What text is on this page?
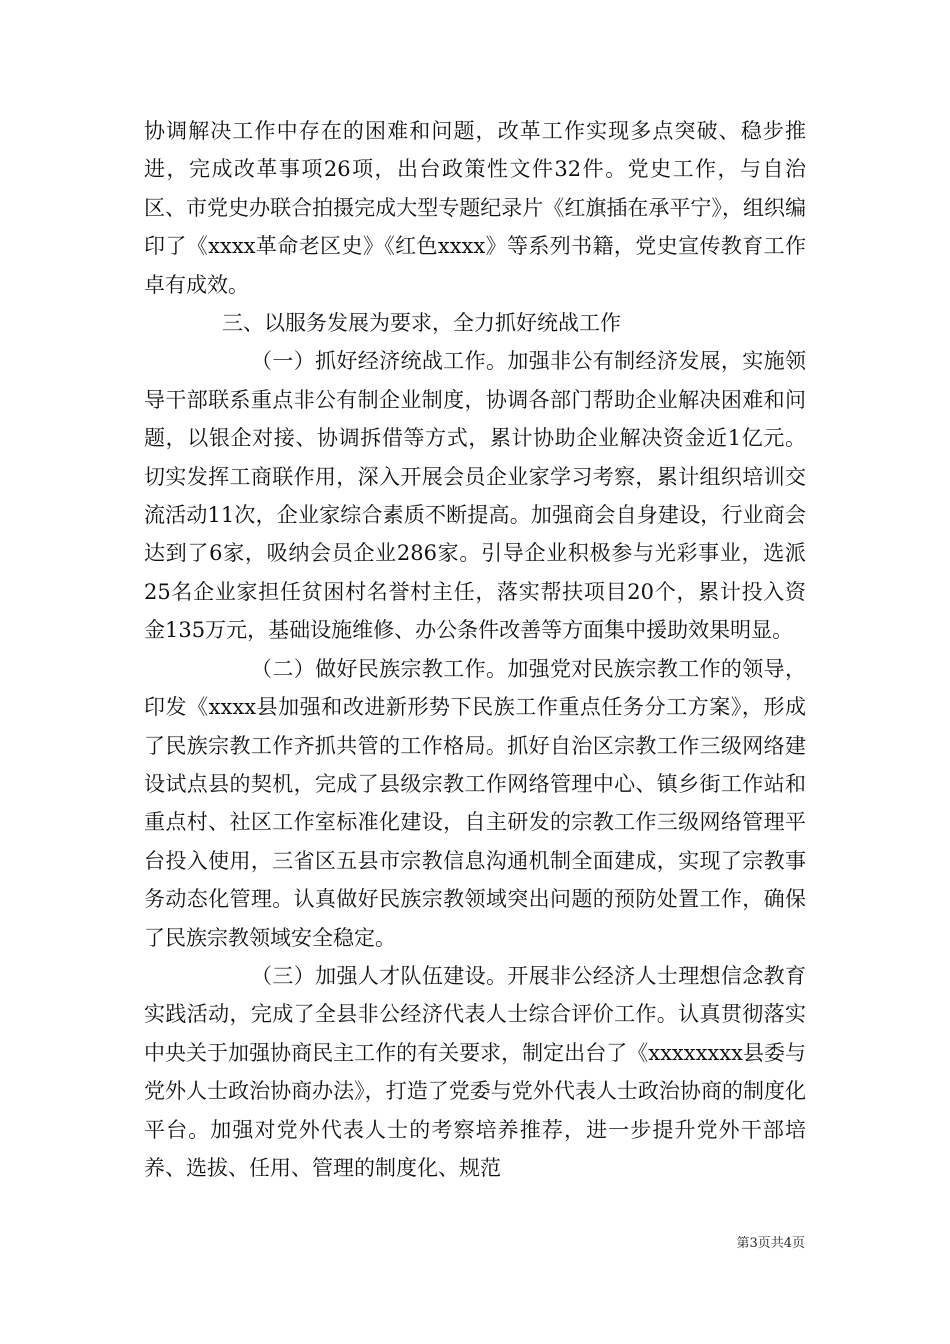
协调解决工作中存在的困难和问题，改革工作实现多点突破、稳步推进，完成改革事项26项，出台政策性文件32件。党史工作，与自治区、市党史办联合拍摄完成大型专题纪录片《红旗插在承平宁》，组织编印了《xxxx革命老区史》《红色xxxx》等系列书籍，党史宣传教育工作卓有成效。

三、以服务发展为要求，全力抓好统战工作

（一）抓好经济统战工作。加强非公有制经济发展，实施领导干部联系重点非公有制企业制度，协调各部门帮助企业解决困难和问题，以银企对接、协调拆借等方式，累计协助企业解决资金近1亿元。切实发挥工商联作用，深入开展会员企业家学习考察，累计组织培训交流活动11次，企业家综合素质不断提高。加强商会自身建设，行业商会达到了6家，吸纳会员企业286家。引导企业积极参与光彩事业，选派25名企业家担任贫困村名誉村主任，落实帮扶项目20个，累计投入资金135万元，基础设施维修、办公条件改善等方面集中援助效果明显。

（二）做好民族宗教工作。加强党对民族宗教工作的领导，印发《xxxx县加强和改进新形势下民族工作重点任务分工方案》，形成了民族宗教工作齐抓共管的工作格局。抓好自治区宗教工作三级网络建设试点县的契机，完成了县级宗教工作网络管理中心、镇乡街工作站和重点村、社区工作室标准化建设，自主研发的宗教工作三级网络管理平台投入使用，三省区五县市宗教信息沟通机制全面建成，实现了宗教事务动态化管理。认真做好民族宗教领域突出问题的预防处置工作，确保了民族宗教领域安全稳定。

（三）加强人才队伍建设。开展非公经济人士理想信念教育实践活动，完成了全县非公经济代表人士综合评价工作。认真贯彻落实中央关于加强协商民主工作的有关要求，制定出台了《xxxxxxxx县委与党外人士政治协商办法》，打造了党委与党外代表人士政治协商的制度化平台。加强对党外代表人士的考察培养推荐，进一步提升党外干部培养、选拔、任用、管理的制度化、规范

第3页共4页
